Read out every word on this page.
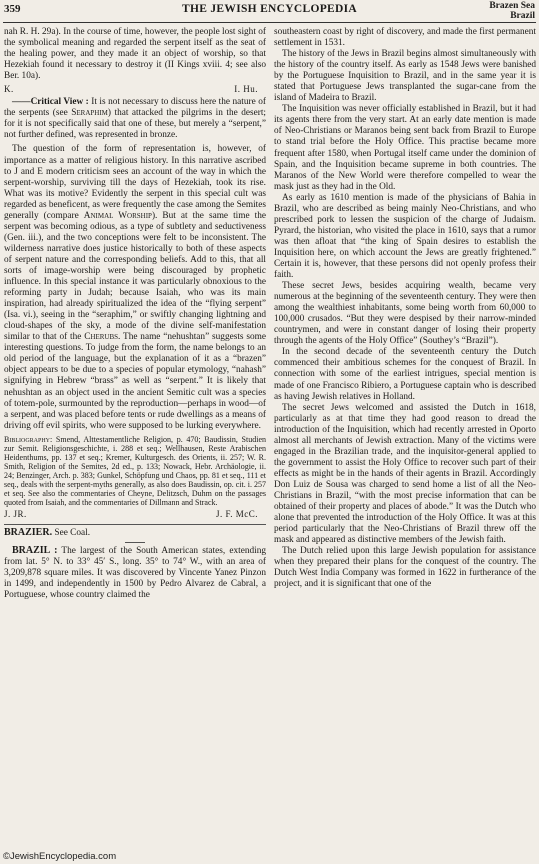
359	THE JEWISH ENCYCLOPEDIA	Brazen Sea
Brazil

nah R. H. 29a). In the course of time, however, the people lost sight of the symbolical meaning and regarded the serpent itself as the seat of the healing power, and they made it an object of worship, so that Hezekiah found it necessary to destroy it (II Kings xviii. 4; see also Ber. 10a).

K.	I. Hu.

——Critical View : It is not necessary to discuss here the nature of the serpents (see Seraphim) that attacked the pilgrims in the desert; for it is not specifically said that one of these, but merely a “serpent,” not further defined, was represented in bronze.

The question of the form of representation is, however, of importance as a matter of religious history. In this narrative ascribed to J and E modern criticism sees an account of the way in which the serpent-worship, surviving till the days of Hezekiah, took its rise. What was its motive? Evidently the serpent in this special cult was regarded as beneficent, as were frequently the case among the Semites generally (compare Animal Worship). But at the same time the serpent was becoming odious, as a type of subtlety and seductiveness (Gen. iii.), and the two conceptions were felt to be inconsistent. The wilderness narrative does justice historically to both of these aspects of serpent nature and the corresponding beliefs. Add to this, that all sorts of image-worship were being discouraged by prophetic influence. In this special instance it was particularly obnoxious to the reforming party in Judah; because Isaiah, who was its main inspiration, had already spiritualized the idea of the “flying serpent” (Isa. vi.), seeing in the “seraphim,” or swiftly changing lightning and cloud-shapes of the sky, a mode of the divine self-manifestation similar to that of the Cherubs. The name “nehushtan” suggests some interesting questions. To judge from the form, the name belongs to an old period of the language, but the explanation of it as a “brazen” object appears to be due to a species of popular etymology, “nahash” signifying in Hebrew “brass” as well as “serpent.” It is likely that nehushtan as an object used in the ancient Semitic cult was a species of totem-pole, surmounted by the reproduction—perhaps in wood—of a serpent, and was placed before tents or rude dwellings as a means of driving off evil spirits, who were supposed to be lurking everywhere.

Bibliography: Smend, Alttestamentliche Religion, p. 470; Baudissin, Studien zur Semit. Religionsgeschichte, i. 288 et seq.; Wellhausen, Reste Arabischen Heidenthums, pp. 137 et seq.; Kremer, Kulturgesch. des Orients, ii. 257; W. R. Smith, Religion of the Semites, 2d ed., p. 133; Nowack, Hebr. Archäologie, ii. 24; Benzinger, Arch. p. 383; Gunkel, Schöpfung und Chaos, pp. 81 et seq., 111 et seq., deals with the serpent-myths generally, as also does Baudissin, op. cit. i. 257 et seq. See also the commentaries of Cheyne, Delitzsch, Duhm on the passages quoted from Isaiah, and the commentaries of Dillmann and Strack.

J. JR.	J. F. McC.

BRAZIER. See Coal.

BRAZIL : The largest of the South American states, extending from lat. 5° N. to 33° 45′ S., long. 35° to 74° W., with an area of 3,209,878 square miles. It was discovered by Vincente Yanez Pinzon in 1499, and independently in 1500 by Pedro Alvarez de Cabral, a Portuguese, whose country claimed the

southeastern coast by right of discovery, and made the first permanent settlement in 1531.

The history of the Jews in Brazil begins almost simultaneously with the history of the country itself. As early as 1548 Jews were banished by the Portuguese Inquisition to Brazil, and in the same year it is stated that Portuguese Jews transplanted the sugar-cane from the island of Madeira to Brazil.

The Inquisition was never officially established in Brazil, but it had its agents there from the very start. At an early date mention is made of Neo-Christians or Maranos being sent back from Brazil to Europe to stand trial before the Holy Office. This practise became more frequent after 1580, when Portugal itself came under the dominion of Spain, and the Inquisition became supreme in both countries. The Maranos of the New World were therefore compelled to wear the mask just as they had in the Old.

As early as 1610 mention is made of the physicians of Bahia in Brazil, who are described as being mainly Neo-Christians, and who prescribed pork to lessen the suspicion of the charge of Judaism. Pyrard, the historian, who visited the place in 1610, says that a rumor was then afloat that “the king of Spain desires to establish the Inquisition here, on which account the Jews are greatly frightened.” Certain it is, however, that these persons did not openly profess their faith.

These secret Jews, besides acquiring wealth, became very numerous at the beginning of the seventeenth century. They were then among the wealthiest inhabitants, some being worth from 60,000 to 100,000 crusados. “But they were despised by their narrow-minded countrymen, and were in constant danger of losing their property through the agents of the Holy Office” (Southey’s “Brazil”).

In the second decade of the seventeenth century the Dutch commenced their ambitious schemes for the conquest of Brazil. In connection with some of the earliest intrigues, special mention is made of one Francisco Ribiero, a Portuguese captain who is described as having Jewish relatives in Holland.

The secret Jews welcomed and assisted the Dutch in 1618, particularly as at that time they had good reason to dread the introduction of the Inquisition, which had recently arrested in Oporto almost all merchants of Jewish extraction. Many of the victims were engaged in the Brazilian trade, and the inquisitor-general applied to the government to assist the Holy Office to recover such part of their effects as might be in the hands of their agents in Brazil. Accordingly Don Luiz de Sousa was charged to send home a list of all the Neo-Christians in Brazil, “with the most precise information that can be obtained of their property and places of abode.” It was the Dutch who alone that prevented the introduction of the Holy Office. It was at this period particularly that the Neo-Christians of Brazil threw off the mask and appeared as distinctive members of the Jewish faith.

The Dutch relied upon this large Jewish population for assistance when they prepared their plans for the conquest of the country. The Dutch West India Company was formed in 1622 in furtherance of the project, and it is significant that one of the

©JewishEncyclopedia.com
